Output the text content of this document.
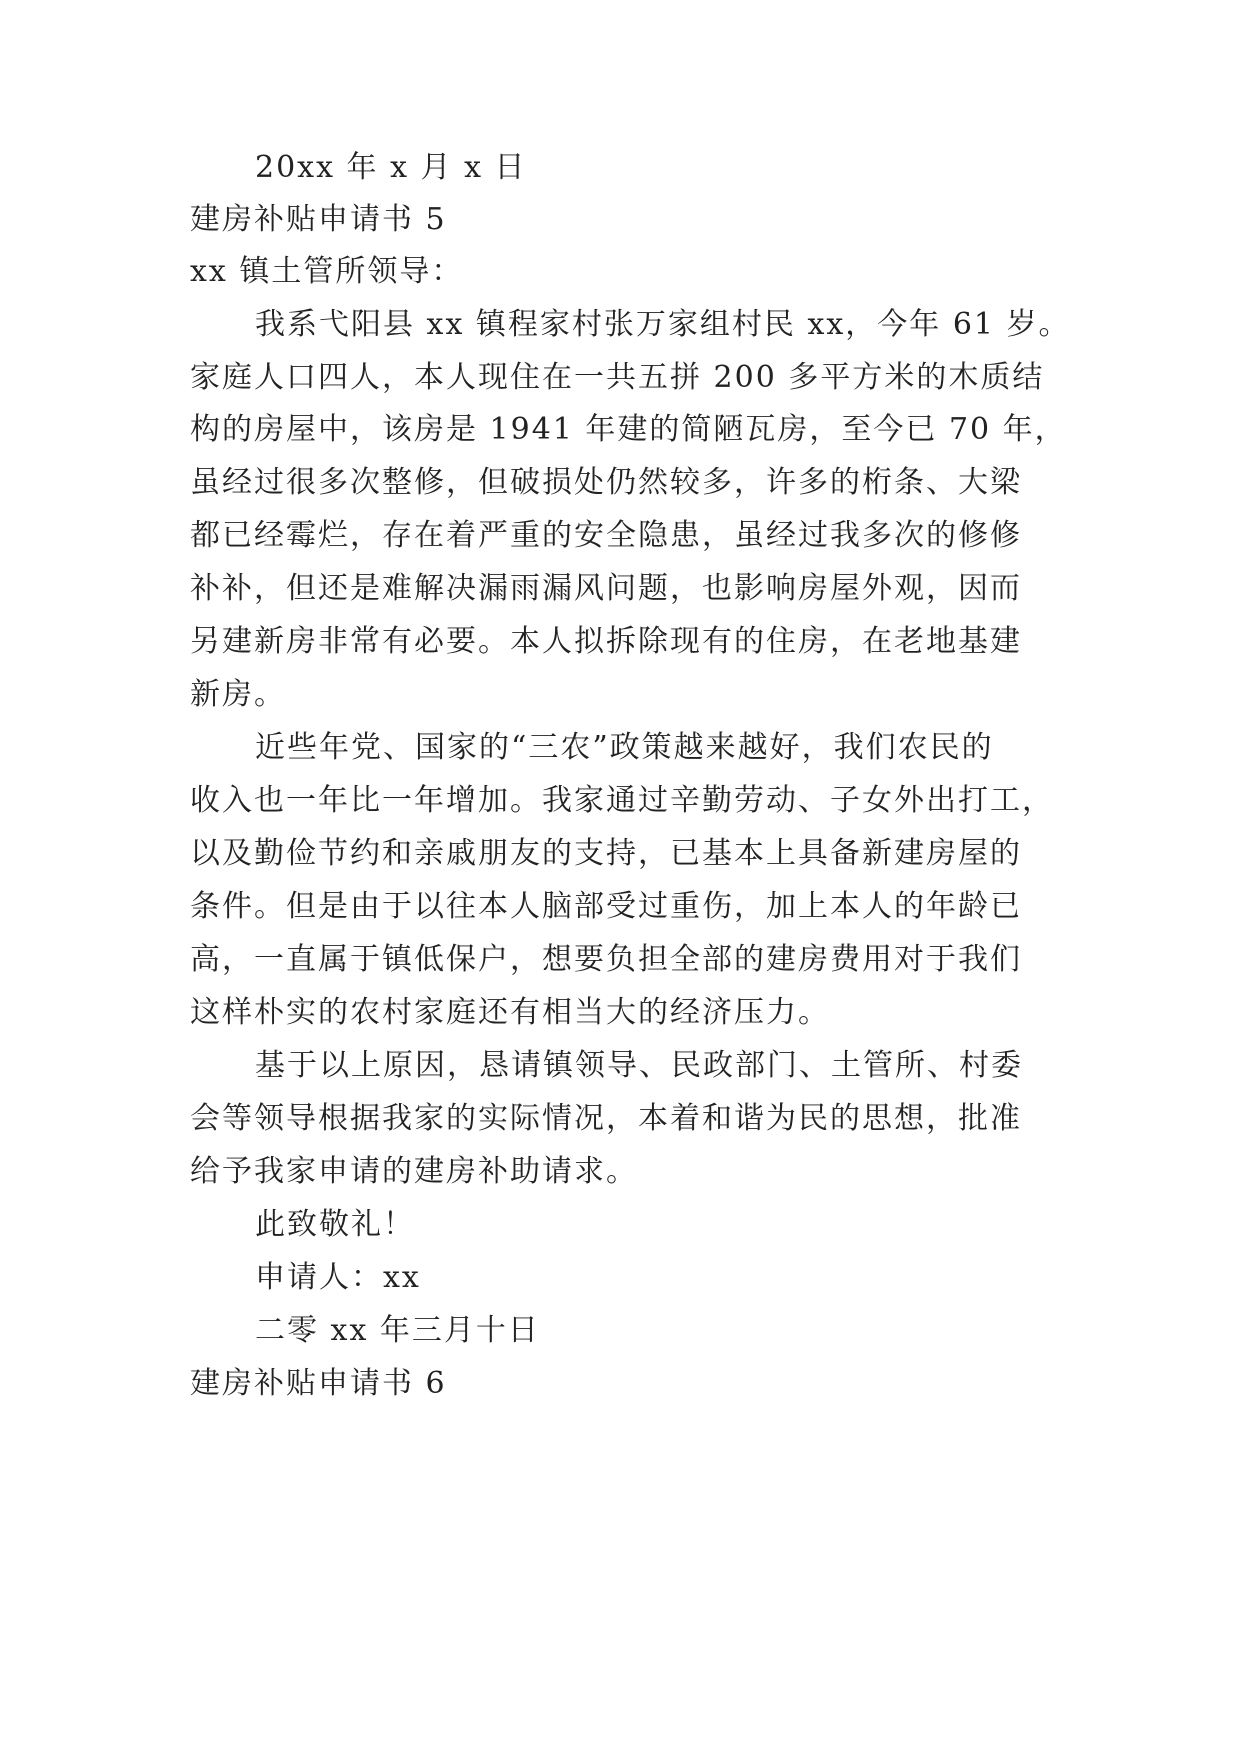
20xx 年 x 月 x 日
建房补贴申请书 5
xx 镇土管所领导：
我系弋阳县 xx 镇程家村张万家组村民 xx，今年 61 岁。
家庭人口四人，本人现住在一共五拼 200 多平方米的木质结
构的房屋中，该房是 1941 年建的简陋瓦房，至今已 70 年，
虽经过很多次整修，但破损处仍然较多，许多的桁条、大梁
都已经霉烂，存在着严重的安全隐患，虽经过我多次的修修
补补，但还是难解决漏雨漏风问题，也影响房屋外观，因而
另建新房非常有必要。本人拟拆除现有的住房，在老地基建
新房。
近些年党、国家的“三农”政策越来越好，我们农民的
收入也一年比一年增加。我家通过辛勤劳动、子女外出打工，
以及勤俭节约和亲戚朋友的支持，已基本上具备新建房屋的
条件。但是由于以往本人脑部受过重伤，加上本人的年龄已
高，一直属于镇低保户，想要负担全部的建房费用对于我们
这样朴实的农村家庭还有相当大的经济压力。
基于以上原因，恳请镇领导、民政部门、土管所、村委
会等领导根据我家的实际情况，本着和谐为民的思想，批准
给予我家申请的建房补助请求。
此致敬礼！
申请人：xx
二零 xx 年三月十日
建房补贴申请书 6
